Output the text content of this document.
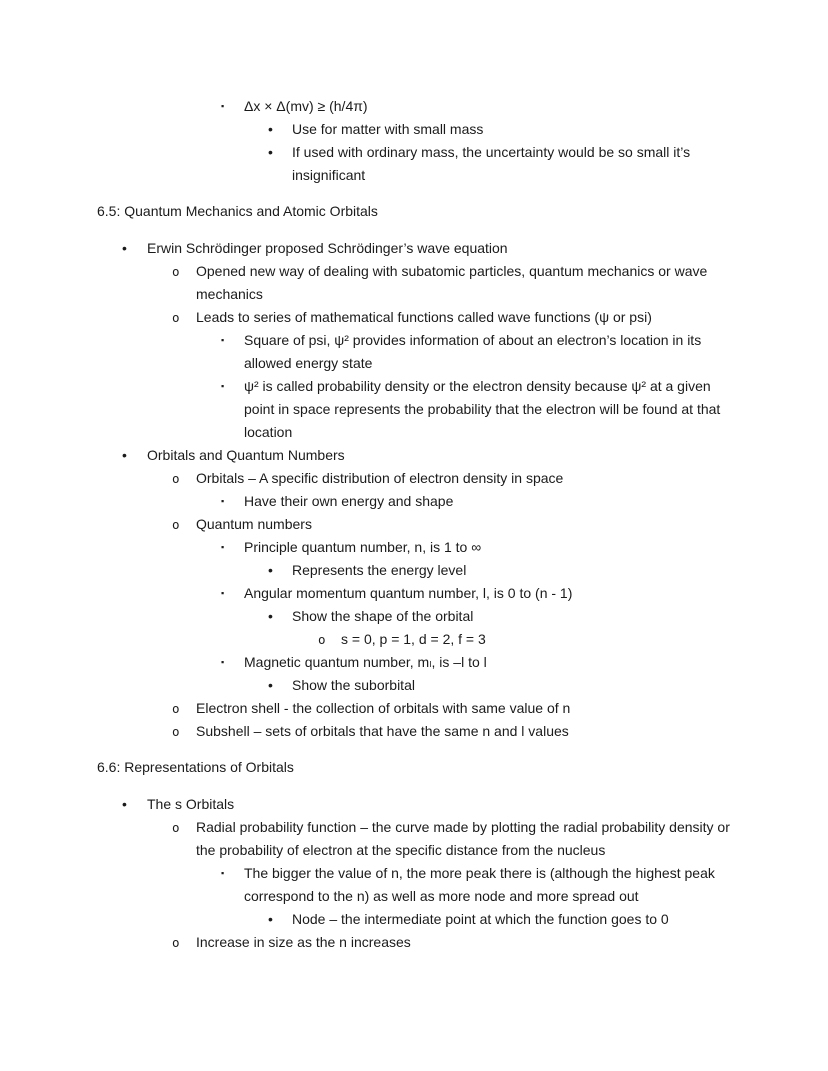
▪ Δx × Δ(mv) ≥ (h/4π)
• Use for matter with small mass
• If used with ordinary mass, the uncertainty would be so small it’s insignificant
6.5: Quantum Mechanics and Atomic Orbitals
• Erwin Schrödinger proposed Schrödinger’s wave equation
o Opened new way of dealing with subatomic particles, quantum mechanics or wave mechanics
o Leads to series of mathematical functions called wave functions (ψ or psi)
▪ Square of psi, ψ² provides information of about an electron’s location in its allowed energy state
▪ ψ² is called probability density or the electron density because ψ² at a given point in space represents the probability that the electron will be found at that location
• Orbitals and Quantum Numbers
o Orbitals – A specific distribution of electron density in space
▪ Have their own energy and shape
o Quantum numbers
▪ Principle quantum number, n, is 1 to ∞
• Represents the energy level
▪ Angular momentum quantum number, l, is 0 to (n - 1)
• Show the shape of the orbital
o s = 0, p = 1, d = 2, f = 3
▪ Magnetic quantum number, mₗ, is –l to l
• Show the suborbital
o Electron shell - the collection of orbitals with same value of n
o Subshell – sets of orbitals that have the same n and l values
6.6: Representations of Orbitals
• The s Orbitals
o Radial probability function – the curve made by plotting the radial probability density or the probability of electron at the specific distance from the nucleus
▪ The bigger the value of n, the more peak there is (although the highest peak correspond to the n) as well as more node and more spread out
• Node – the intermediate point at which the function goes to 0
o Increase in size as the n increases
